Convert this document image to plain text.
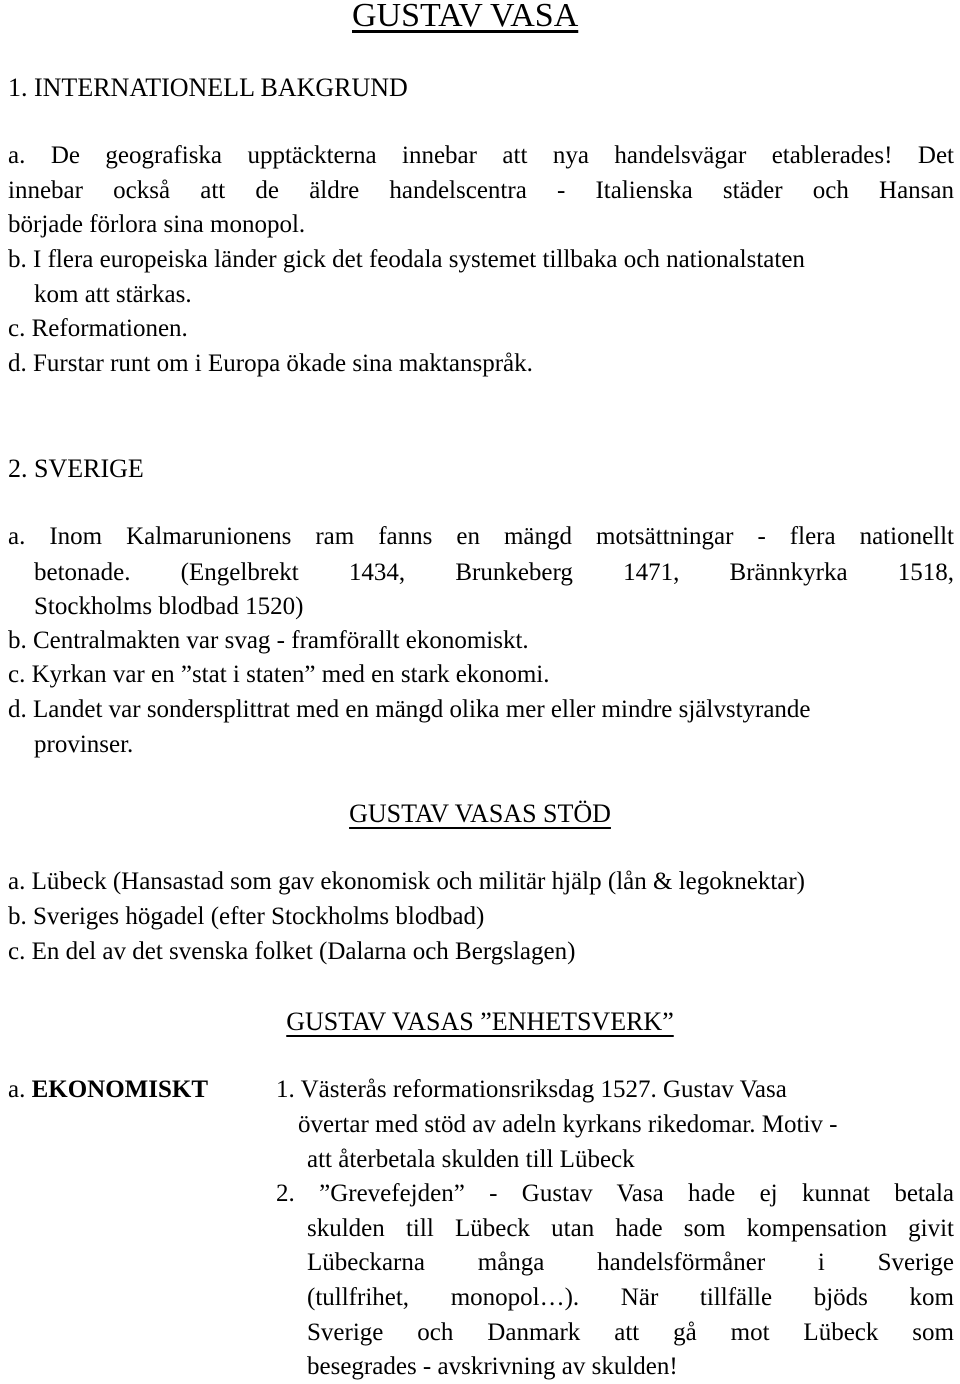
GUSTAV VASA
1. INTERNATIONELL BAKGRUND
a. De geografiska upptäckterna innebar att nya handelsvägar etablerades! Det
innebar också att de äldre handelscentra - Italienska städer och Hansan
började förlora sina monopol.
b. I flera europeiska länder gick det feodala systemet tillbaka och nationalstaten
kom att stärkas.
c. Reformationen.
d. Furstar runt om i Europa ökade sina maktanspråk.
2. SVERIGE
a. Inom Kalmarunionens ram fanns en mängd motsättningar - flera nationellt
betonade. (Engelbrekt 1434, Brunkeberg 1471, Brännkyrka 1518,
Stockholms blodbad 1520)
b. Centralmakten var svag - framförallt ekonomiskt.
c. Kyrkan var en ”stat i staten” med en stark ekonomi.
d. Landet var sondersplittrat med en mängd olika mer eller mindre självstyrande
provinser.
GUSTAV VASAS STÖD
a. Lübeck (Hansastad som gav ekonomisk och militär hjälp (lån & legoknektar)
b. Sveriges högadel (efter Stockholms blodbad)
c. En del av det svenska folket (Dalarna och Bergslagen)
GUSTAV VASAS ”ENHETSVERK”
a. EKONOMISKT	1. Västerås reformationsriksdag 1527. Gustav Vasa
övertar med stöd av adeln kyrkans rikedomar. Motiv -
att återbetala skulden till Lübeck
2. ”Grevefejden” - Gustav Vasa hade ej kunnat betala
skulden till Lübeck utan hade som kompensation givit
Lübeckarna många handelsförmåner i Sverige
(tullfrihet, monopol…). När tillfälle bjöds kom
Sverige och Danmark att gå mot Lübeck som
besegrades - avskrivning av skulden!
